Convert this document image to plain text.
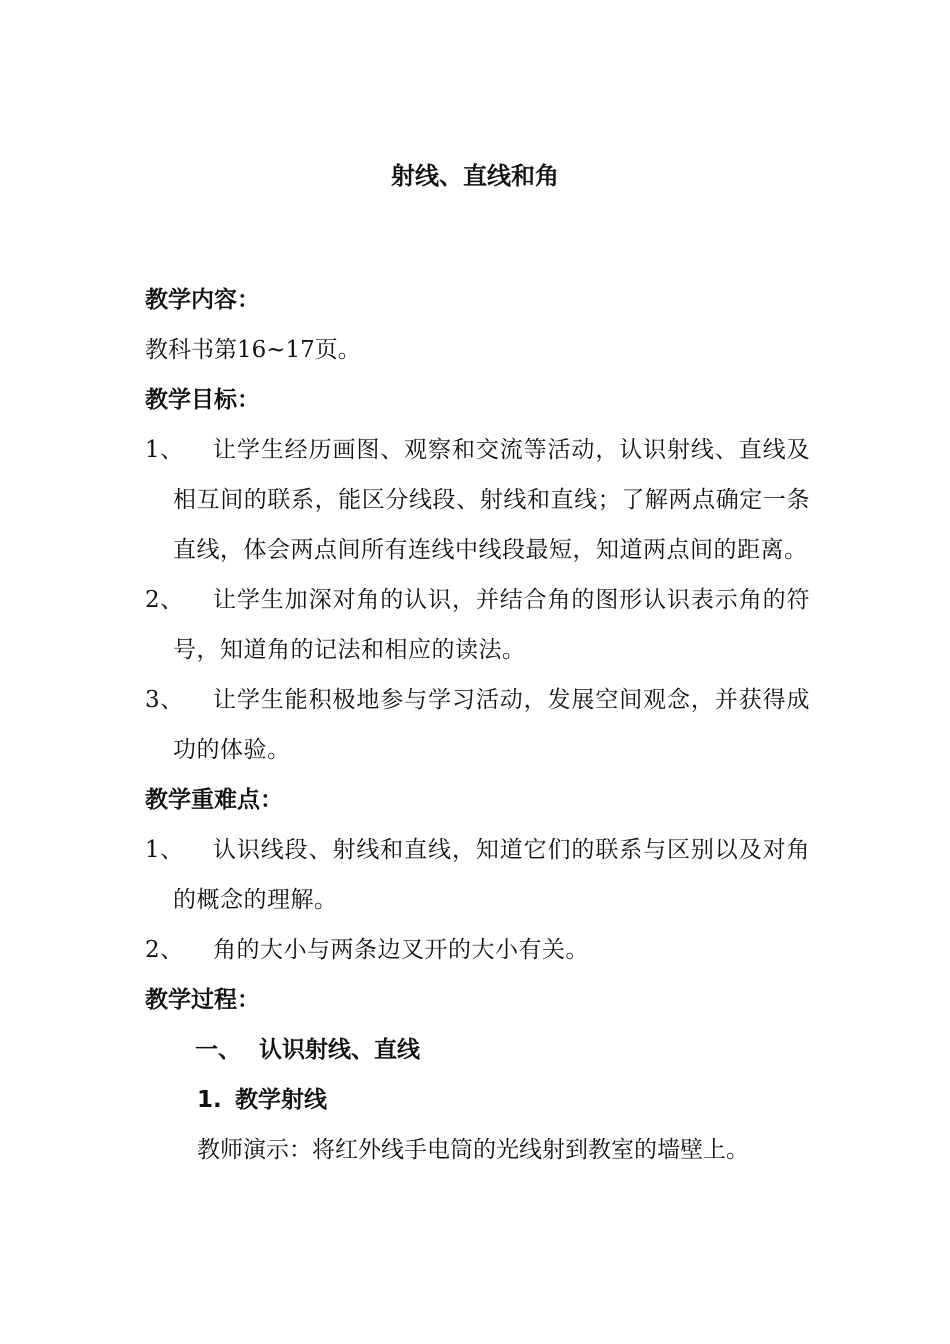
射线、直线和角
教学内容：
教科书第16~17页。
教学目标：
1、	让学生经历画图、观察和交流等活动，认识射线、直线及相互间的联系，能区分线段、射线和直线；了解两点确定一条直线，体会两点间所有连线中线段最短，知道两点间的距离。
2、	让学生加深对角的认识，并结合角的图形认识表示角的符号，知道角的记法和相应的读法。
3、	让学生能积极地参与学习活动，发展空间观念，并获得成功的体验。
教学重难点：
1、	认识线段、射线和直线，知道它们的联系与区别以及对角的概念的理解。
2、	角的大小与两条边叉开的大小有关。
教学过程：
一、 认识射线、直线
1. 教学射线
教师演示：将红外线手电筒的光线射到教室的墙壁上。
